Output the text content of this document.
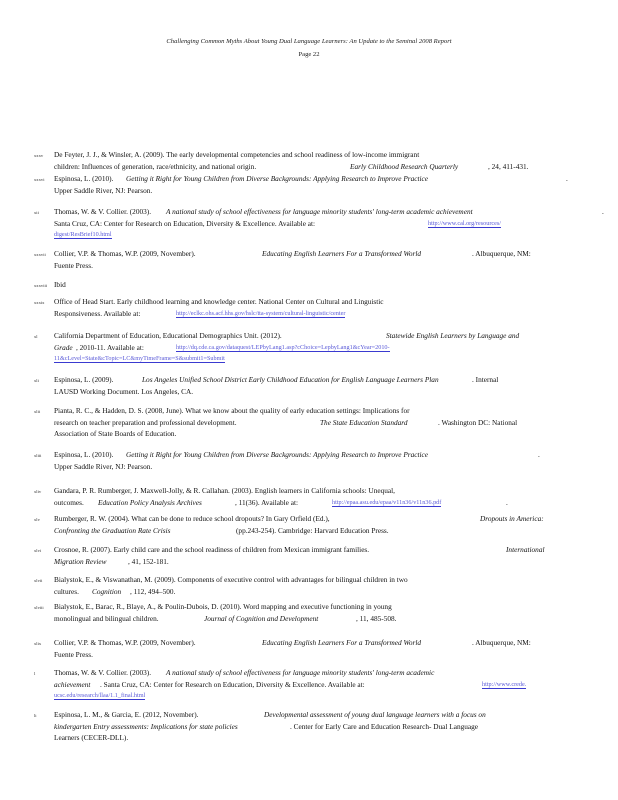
Challenging Common Myths About Young Dual Language Learners: An Update to the Seminal 2008 Report
Page 22
xxxv De Feyter, J. J., & Winsler, A. (2009). The early developmental competencies and school readiness of low-income immigrant
children: Influences of generation, race/ethnicity, and national origin.	Early Childhood Research Quarterly	, 24, 411-431.
xxxvi Espinosa, L. (2010). Getting it Right for Young Children from Diverse Backgrounds: Applying Research to Improve Practice	.
Upper Saddle River, NJ: Pearson.
xii Thomas, W. & V. Collier. (2003). A national study of school effectiveness for language minority students' long-term academic achievement	.
Santa Cruz, CA: Center for Research on Education, Diversity & Excellence. Available at:	http://www.cal.org/resources/
digest/ResBrief10.html
xxxvii Collier, V.P. & Thomas, W.P. (2009, November).	Educating English Learners For a Transformed World	. Albuquerque, NM:
Fuente Press.
xxxviii Ibid
xxxix Office of Head Start. Early childhood learning and knowledge center. National Center on Cultural and Linguistic
Responsiveness. Available at:	http://eclkc.ohs.acf.hhs.gov/hslc/tta-system/cultural-linguistic/center
xl California Department of Education, Educational Demographics Unit. (2012).	Statewide English Learners by Language and
Grade , 2010-11. Available at:	http://dq.cde.ca.gov/dataquest/LEPbyLang1.asp?cChoice=LepbyLang1&cYear=2010-
11&cLevel=State&cTopic=LC&myTimeFrame=S&submit1=Submit
xli Espinosa, L. (2009).	Los Angeles Unified School District Early Childhood Education for English Language Learners Plan	. Internal
LAUSD Working Document. Los Angeles, CA.
xlii Pianta, R. C., & Hadden, D. S. (2008, June). What we know about the quality of early education settings: Implications for
research on teacher preparation and professional development.	The State Education Standard	. Washington DC: National
Association of State Boards of Education.
xliii Espinosa, L. (2010). Getting it Right for Young Children from Diverse Backgrounds: Applying Research to Improve Practice	.
Upper Saddle River, NJ: Pearson.
xliv Gandara, P. R. Rumberger, J. Maxwell-Jolly, & R. Callahan. (2003). English learners in California schools: Unequal,
outcomes. Education Policy Analysis Archives	, 11(36). Available at:	http://epaa.asu.edu/epaa/v11n36/v11n36.pdf	.
xlv Rumberger, R. W. (2004). What can be done to reduce school dropouts? In Gary Orfield (Ed.),	Dropouts in America:
Confronting the Graduation Rate Crisis	(pp.243-254). Cambridge: Harvard Education Press.
xlvi Crosnoe, R. (2007). Early child care and the school readiness of children from Mexican immigrant families.	International
Migration Review	, 41, 152-181.
xlvii Bialystok, E., & Viswanathan, M. (2009). Components of executive control with advantages for bilingual children in two
cultures. Cognition , 112, 494–500.
xlviii Bialystok, E., Barac, R., Blaye, A., & Poulin-Dubois, D. (2010). Word mapping and executive functioning in young
monolingual and bilingual children.	Journal of Cognition and Development	, 11, 485-508.
xlix Collier, V.P. & Thomas, W.P. (2009, November).	Educating English Learners For a Transformed World	. Albuquerque, NM:
Fuente Press.
l	Thomas, W. & V. Collier. (2003). A national study of school effectiveness for language minority students' long-term academic
achievement . Santa Cruz, CA: Center for Research on Education, Diversity & Excellence. Available at:	http://www.crede.
ucsc.edu/research/llaa/1.1_final.html
li Espinosa, L. M., & Garcia, E. (2012, November).	Developmental assessment of young dual language learners with a focus on
kindergarten Entry assessments: Implications for state policies	. Center for Early Care and Education Research- Dual Language
Learners (CECER-DLL).
